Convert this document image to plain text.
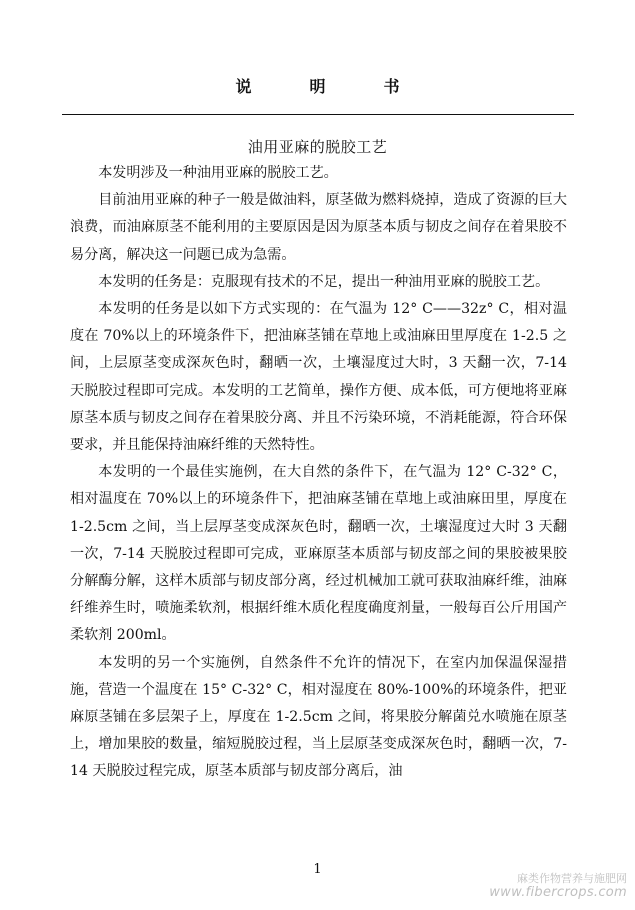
说明书
油用亚麻的脱胶工艺

本发明涉及一种油用亚麻的脱胶工艺。

目前油用亚麻的种子一般是做油料，原茎做为燃料烧掉，造成了资源的巨大浪费，而油麻原茎不能利用的主要原因是因为原茎本质与韧皮之间存在着果胶不易分离，解决这一问题已成为急需。

本发明的任务是：克服现有技术的不足，提出一种油用亚麻的脱胶工艺。

本发明的任务是以如下方式实现的：在气温为 12° C——32z° C，相对温度在 70%以上的环境条件下，把油麻茎铺在草地上或油麻田里厚度在 1-2.5 之间，上层原茎变成深灰色时，翻晒一次，土壤湿度过大时，3 天翻一次，7-14 天脱胶过程即可完成。本发明的工艺简单，操作方便、成本低，可方便地将亚麻原茎本质与韧皮之间存在着果胶分离、并且不污染环境，不消耗能源，符合环保要求，并且能保持油麻纤维的天然特性。

本发明的一个最佳实施例，在大自然的条件下，在气温为 12° C-32° C，相对温度在 70%以上的环境条件下，把油麻茎铺在草地上或油麻田里，厚度在 1-2.5cm 之间，当上层厚茎变成深灰色时，翻晒一次，土壤湿度过大时 3 天翻一次，7-14 天脱胶过程即可完成，亚麻原茎本质部与韧皮部之间的果胶被果胶分解酶分解，这样木质部与韧皮部分离，经过机械加工就可获取油麻纤维，油麻纤维养生时，喷施柔软剂，根据纤维木质化程度确度剂量，一般每百公斤用国产柔软剂 200ml。

本发明的另一个实施例，自然条件不允许的情况下，在室内加保温保湿措施，营造一个温度在 15° C-32° C，相对湿度在 80%-100%的环境条件，把亚麻原茎铺在多层架子上，厚度在 1-2.5cm 之间，将果胶分解菌兑水喷施在原茎上，增加果胶的数量，缩短脱胶过程，当上层原茎变成深灰色时，翻晒一次，7-14 天脱胶过程完成，原茎本质部与韧皮部分离后，油

1
麻类作物营养与施肥网
www.fibercrops.com
